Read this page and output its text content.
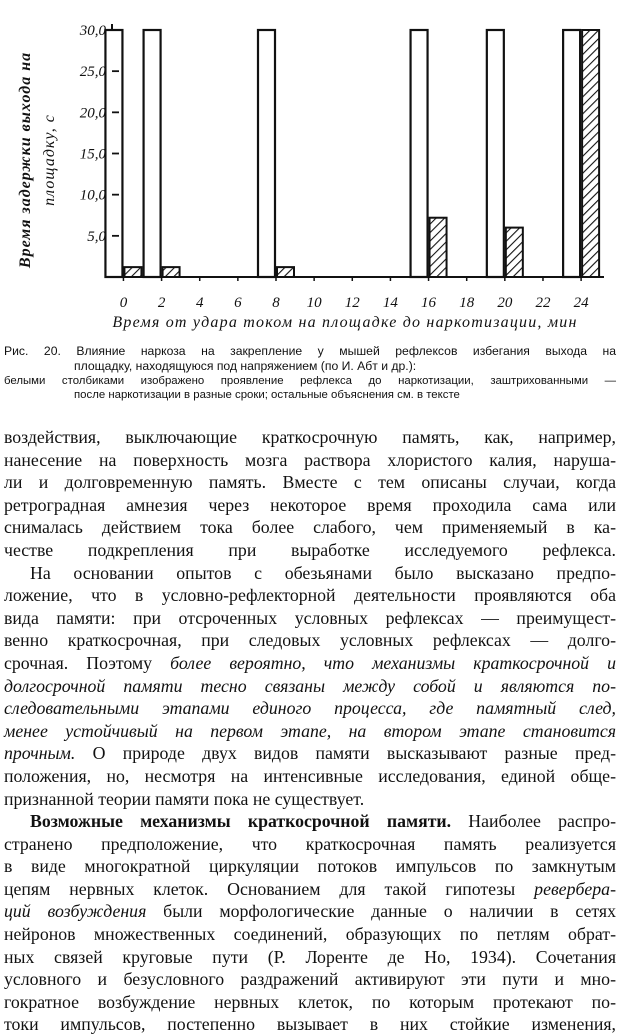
Время задержки выхода на площадку, с
5,0
10,0
15,0
20,0
25,0
30,0
0 2 4 6 8 10 12 14 16 18 20 22 24
Время от удара током на площадке до наркотизации, мин
Рис. 20. Влияние наркоза на закрепление у мышей рефлексов избегания выхода на
площадку, находящуюся под напряжением (по И. Абт и др.):
белыми столбиками изображено проявление рефлекса до наркотизации, заштрихованными —
после наркотизации в разные сроки; остальные объяснения см. в тексте
воздействия, выключающие краткосрочную память, как, например,
нанесение на поверхность мозга раствора хлористого калия, наруша-
ли и долговременную память. Вместе с тем описаны случаи, когда
ретроградная амнезия через некоторое время проходила сама или
снималась действием тока более слабого, чем применяемый в ка-
честве подкрепления при выработке исследуемого рефлекса.
На основании опытов с обезьянами было высказано предпо-
ложение, что в условно-рефлекторной деятельности проявляются оба
вида памяти: при отсроченных условных рефлексах — преимущест-
венно краткосрочная, при следовых условных рефлексах — долго-
срочная. Поэтому более вероятно, что механизмы краткосрочной и
долгосрочной памяти тесно связаны между собой и являются по-
следовательными этапами единого процесса, где памятный след,
менее устойчивый на первом этапе, на втором этапе становится
прочным. О природе двух видов памяти высказывают разные пред-
положения, но, несмотря на интенсивные исследования, единой обще-
признанной теории памяти пока не существует.
Возможные механизмы краткосрочной памяти. Наиболее распро-
странено предположение, что краткосрочная память реализуется
в виде многократной циркуляции потоков импульсов по замкнутым
цепям нервных клеток. Основанием для такой гипотезы ревербера-
ций возбуждения были морфологические данные о наличии в сетях
нейронов множественных соединений, образующих по петлям обрат-
ных связей круговые пути (Р. Лоренте де Но, 1934). Сочетания
условного и безусловного раздражений активируют эти пути и мно-
гократное возбуждение нервных клеток, по которым протекают по-
токи импульсов, постепенно вызывает в них стойкие изменения,
